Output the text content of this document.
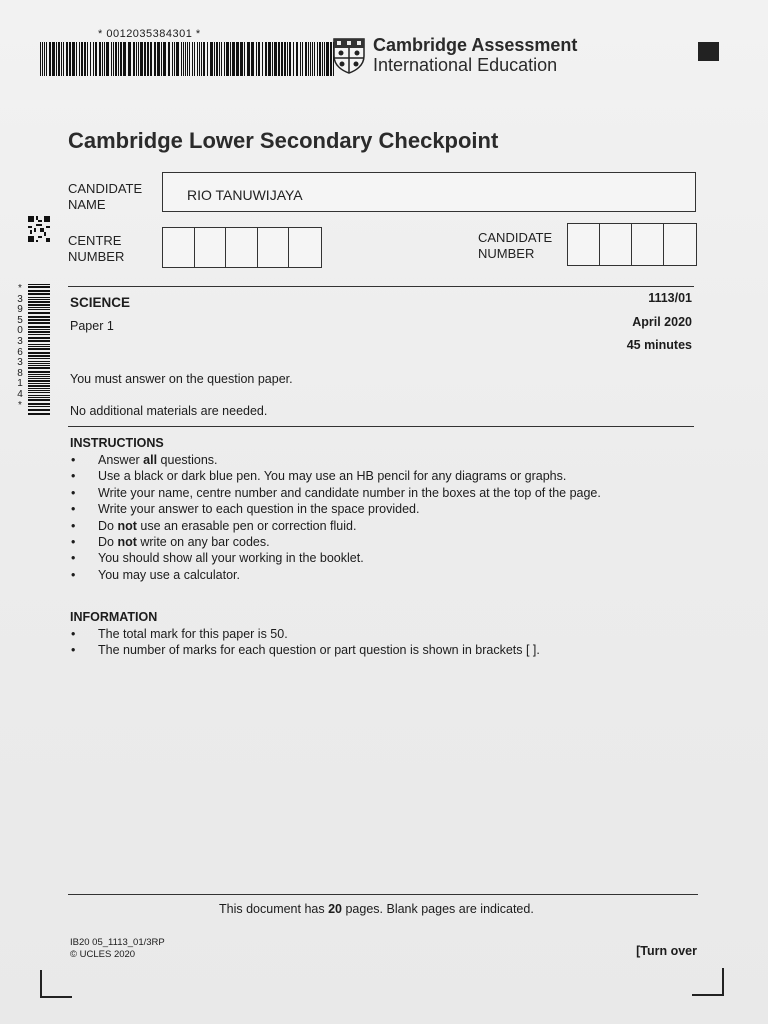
* 0012035384301 *
Cambridge Assessment
International Education
Cambridge Lower Secondary Checkpoint
CANDIDATE
NAME
RIO TANUWIJAYA
CENTRE
NUMBER
CANDIDATE
NUMBER
*
3
9
5
0
3
6
3
8
1
4
*
SCIENCE
Paper 1
1113/01
April 2020
45 minutes
You must answer on the question paper.
No additional materials are needed.
INSTRUCTIONS
• Answer all questions.
• Use a black or dark blue pen. You may use an HB pencil for any diagrams or graphs.
• Write your name, centre number and candidate number in the boxes at the top of the page.
• Write your answer to each question in the space provided.
• Do not use an erasable pen or correction fluid.
• Do not write on any bar codes.
• You should show all your working in the booklet.
• You may use a calculator.
INFORMATION
• The total mark for this paper is 50.
• The number of marks for each question or part question is shown in brackets [ ].
This document has 20 pages. Blank pages are indicated.
IB20 05_1113_01/3RP
© UCLES 2020	[Turn over
